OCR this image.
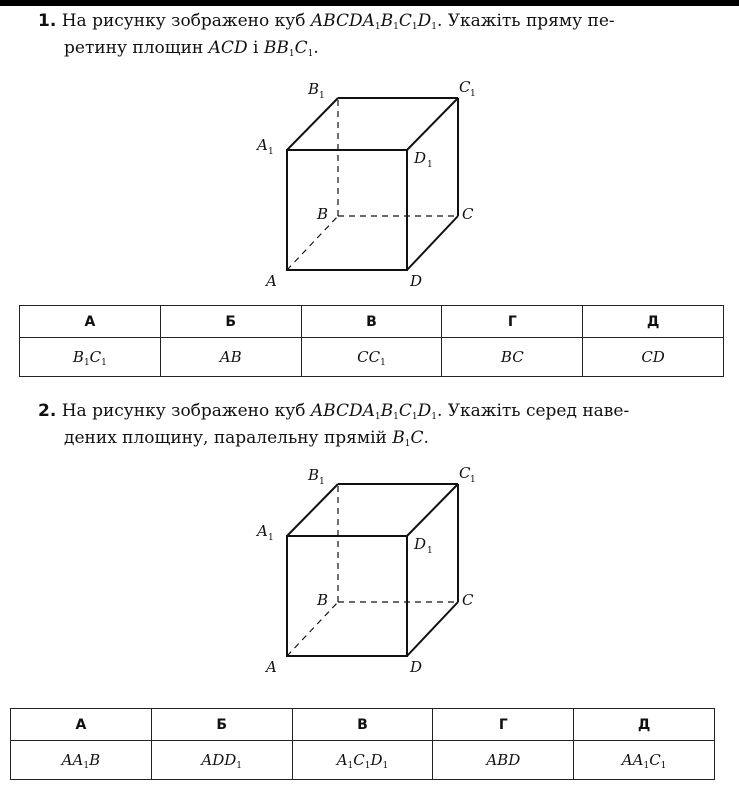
1. На рисунку зображено куб $ABCDA_1B_1C_1D_1$. Укажіть пряму пе-
ретину площин ACD і $BB_1C_1$.
B 1	C 1
A 1	D 1
B	C
A	D
А	Б	В	Г	Д
$B_1C_1$	AB	$CC_1$	BC	CD
2. На рисунку зображено куб $ABCDA_1B_1C_1D_1$. Укажіть серед наве-
дених площину, паралельну прямій $B_1C$.
B 1	C 1
A 1	D 1
B	C
A	D
А	Б	В	Г	Д
$AA_1B$	$ADD_1$	$A_1C_1D_1$	ABD	$AA_1C_1$
